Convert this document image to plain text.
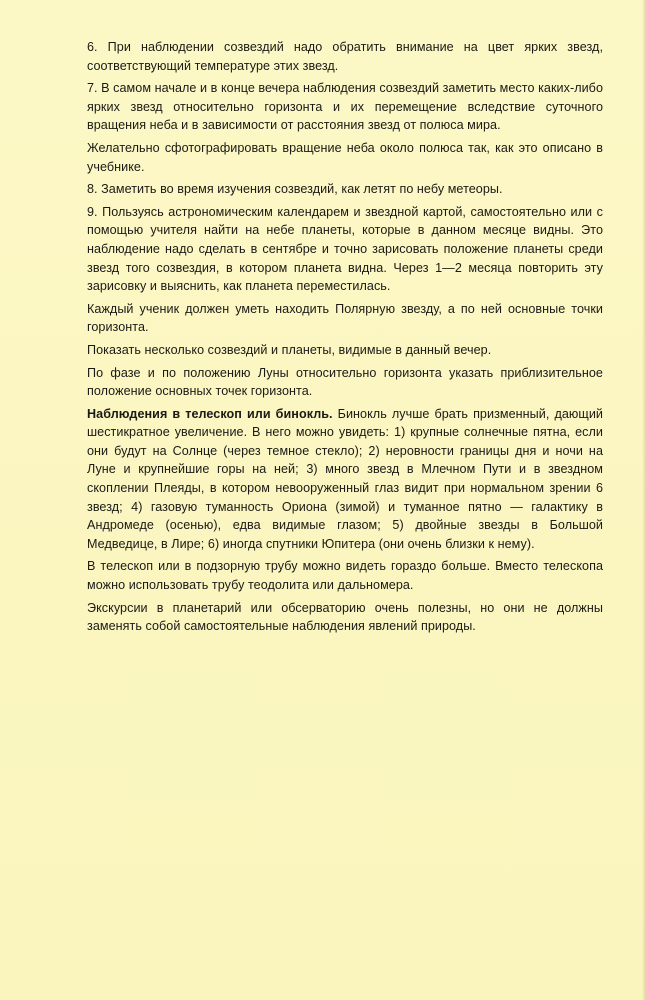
6. При наблюдении созвездий надо обратить внимание на цвет ярких звезд, соответствующий температуре этих звезд.

7. В самом начале и в конце вечера наблюдения созвездий заметить место каких-либо ярких звезд относительно горизонта и их перемещение вследствие суточного вращения неба и в зависимости от расстояния звезд от полюса мира.

Желательно сфотографировать вращение неба около полюса так, как это описано в учебнике.

8. Заметить во время изучения созвездий, как летят по небу метеоры.

9. Пользуясь астрономическим календарем и звездной картой, самостоятельно или с помощью учителя найти на небе планеты, которые в данном месяце видны. Это наблюдение надо сделать в сентябре и точно зарисовать положение планеты среди звезд того созвездия, в котором планета видна. Через 1—2 месяца повторить эту зарисовку и выяснить, как планета переместилась.

Каждый ученик должен уметь находить Полярную звезду, а по ней основные точки горизонта.

Показать несколько созвездий и планеты, видимые в данный вечер.

По фазе и по положению Луны относительно горизонта указать приблизительное положение основных точек горизонта.

Наблюдения в телескоп или бинокль. Бинокль лучше брать призменный, дающий шестикратное увеличение. В него можно увидеть: 1) крупные солнечные пятна, если они будут на Солнце (через темное стекло); 2) неровности границы дня и ночи на Луне и крупнейшие горы на ней; 3) много звезд в Млечном Пути и в звездном скоплении Плеяды, в котором невооруженный глаз видит при нормальном зрении 6 звезд; 4) газовую туманность Ориона (зимой) и туманное пятно — галактику в Андромеде (осенью), едва видимые глазом; 5) двойные звезды в Большой Медведице, в Лире; 6) иногда спутники Юпитера (они очень близки к нему).

В телескоп или в подзорную трубу можно видеть гораздо больше. Вместо телескопа можно использовать трубу теодолита или дальномера.

Экскурсии в планетарий или обсерваторию очень полезны, но они не должны заменять собой самостоятельные наблюдения явлений природы.
